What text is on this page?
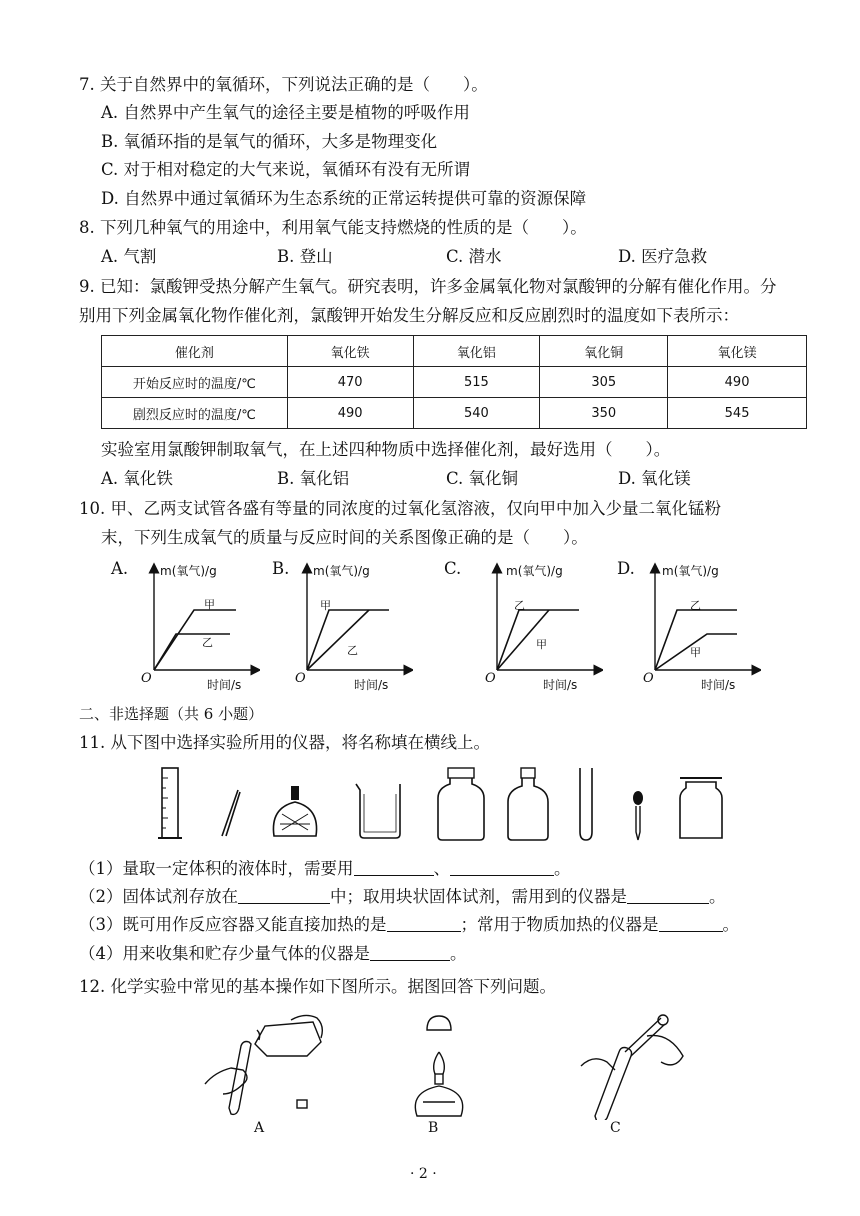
7. 关于自然界中的氧循环，下列说法正确的是（　　）。
A. 自然界中产生氧气的途径主要是植物的呼吸作用
B. 氧循环指的是氧气的循环，大多是物理变化
C. 对于相对稳定的大气来说，氧循环有没有无所谓
D. 自然界中通过氧循环为生态系统的正常运转提供可靠的资源保障
8. 下列几种氧气的用途中，利用氧气能支持燃烧的性质的是（　　）。
A. 气割	B. 登山	C. 潜水	D. 医疗急救
9. 已知：氯酸钾受热分解产生氧气。研究表明，许多金属氧化物对氯酸钾的分解有催化作用。分
别用下列金属氧化物作催化剂，氯酸钾开始发生分解反应和反应剧烈时的温度如下表所示：
催化剂	氧化铁	氧化铝	氧化铜	氧化镁
开始反应时的温度/℃	470	515	305	490
剧烈反应时的温度/℃	490	540	350	545
实验室用氯酸钾制取氧气，在上述四种物质中选择催化剂，最好选用（　　）。
A. 氧化铁	B. 氧化铝	C. 氧化铜	D. 氧化镁
10. 甲、乙两支试管各盛有等量的同浓度的过氧化氢溶液，仅向甲中加入少量二氧化锰粉
末，下列生成氧气的质量与反应时间的关系图像正确的是（　　）。
A.	m(氧气)/g
甲
乙
O	时间/s
B. m(氧气)/g
甲
乙
O	时间/s
C.	m(氧气)/g
乙
甲
O	时间/s
D. m(氧气)/g
乙
甲
O	时间/s
二、非选择题（共 6 小题）
11. 从下图中选择实验所用的仪器，将名称填在横线上。
（1）量取一定体积的液体时，需要用	、	。
（2）固体试剂存放在	中；取用块状固体试剂，需用到的仪器是	。
（3）既可用作反应容器又能直接加热的是	；常用于物质加热的仪器是	。
（4）用来收集和贮存少量气体的仪器是	。
12. 化学实验中常见的基本操作如下图所示。据图回答下列问题。
A	B	C
· 2 ·
